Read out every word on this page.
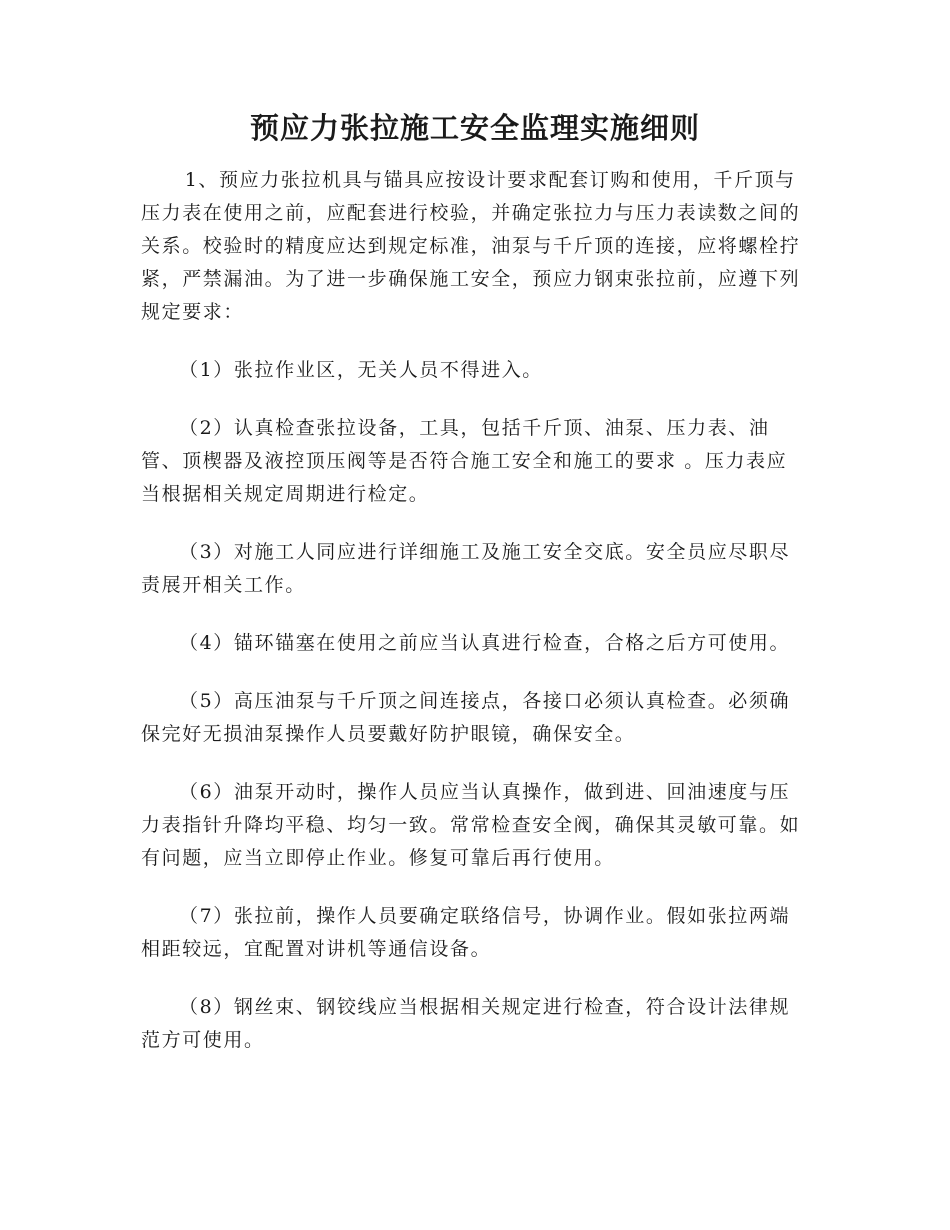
预应力张拉施工安全监理实施细则

1、预应力张拉机具与锚具应按设计要求配套订购和使用，千斤顶与压力表在使用之前，应配套进行校验，并确定张拉力与压力表读数之间的关系。校验时的精度应达到规定标准，油泵与千斤顶的连接，应将螺栓拧紧，严禁漏油。为了进一步确保施工安全，预应力钢束张拉前，应遵下列规定要求：

（1）张拉作业区，无关人员不得进入。

（2）认真检查张拉设备，工具，包括千斤顶、油泵、压力表、油管、顶楔器及液控顶压阀等是否符合施工安全和施工的要求 。压力表应当根据相关规定周期进行检定。

（3）对施工人同应进行详细施工及施工安全交底。安全员应尽职尽责展开相关工作。

（4）锚环锚塞在使用之前应当认真进行检查，合格之后方可使用。

（5）高压油泵与千斤顶之间连接点，各接口必须认真检查。必须确保完好无损油泵操作人员要戴好防护眼镜，确保安全。

（6）油泵开动时，操作人员应当认真操作，做到进、回油速度与压力表指针升降均平稳、均匀一致。常常检查安全阀，确保其灵敏可靠。如有问题，应当立即停止作业。修复可靠后再行使用。

（7）张拉前，操作人员要确定联络信号，协调作业。假如张拉两端相距较远，宜配置对讲机等通信设备。

（8）钢丝束、钢铰线应当根据相关规定进行检查，符合设计法律规范方可使用。
